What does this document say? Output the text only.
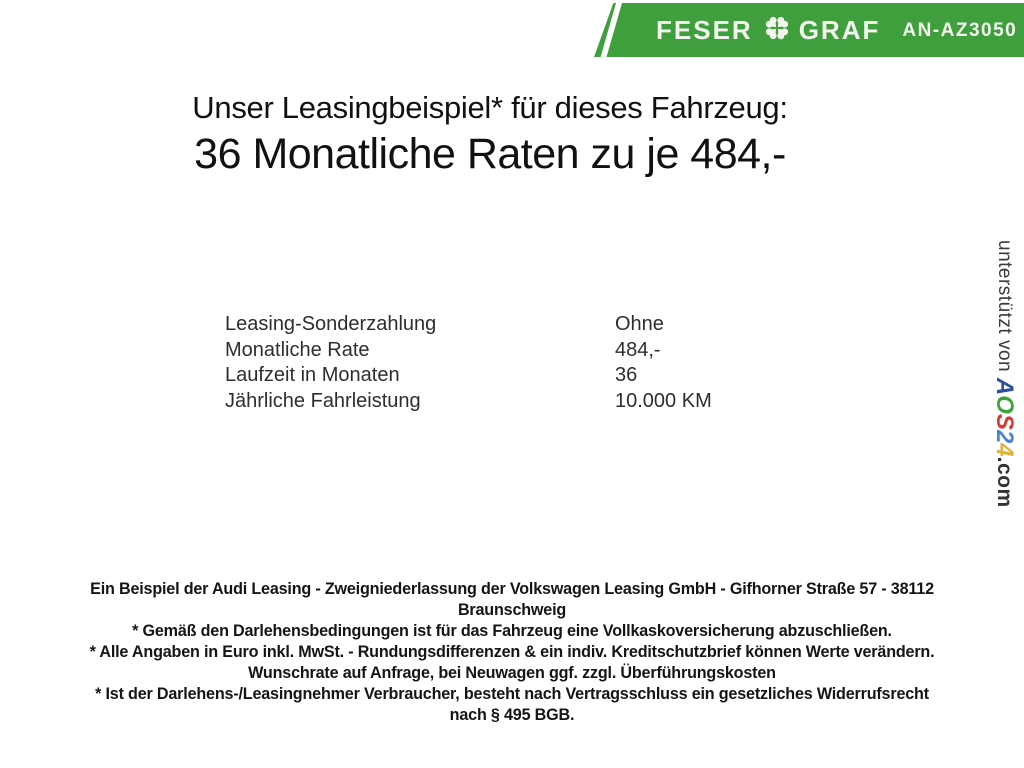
FESER GRAF AN-AZ3050
Unser Leasingbeispiel* für dieses Fahrzeug:
36 Monatliche Raten zu je 484,-
Leasing-Sonderzahlung	Ohne
Monatliche Rate	484,-
Laufzeit in Monaten	36
Jährliche Fahrleistung	10.000 KM
unterstützt von AOS24.com
Ein Beispiel der Audi Leasing - Zweigniederlassung der Volkswagen Leasing GmbH - Gifhorner Straße 57 - 38112
Braunschweig
* Gemäß den Darlehensbedingungen ist für das Fahrzeug eine Vollkaskoversicherung abzuschließen.
* Alle Angaben in Euro inkl. MwSt. - Rundungsdifferenzen & ein indiv. Kreditschutzbrief können Werte verändern.
Wunschrate auf Anfrage, bei Neuwagen ggf. zzgl. Überführungskosten
* Ist der Darlehens-/Leasingnehmer Verbraucher, besteht nach Vertragsschluss ein gesetzliches Widerrufsrecht
nach § 495 BGB.
